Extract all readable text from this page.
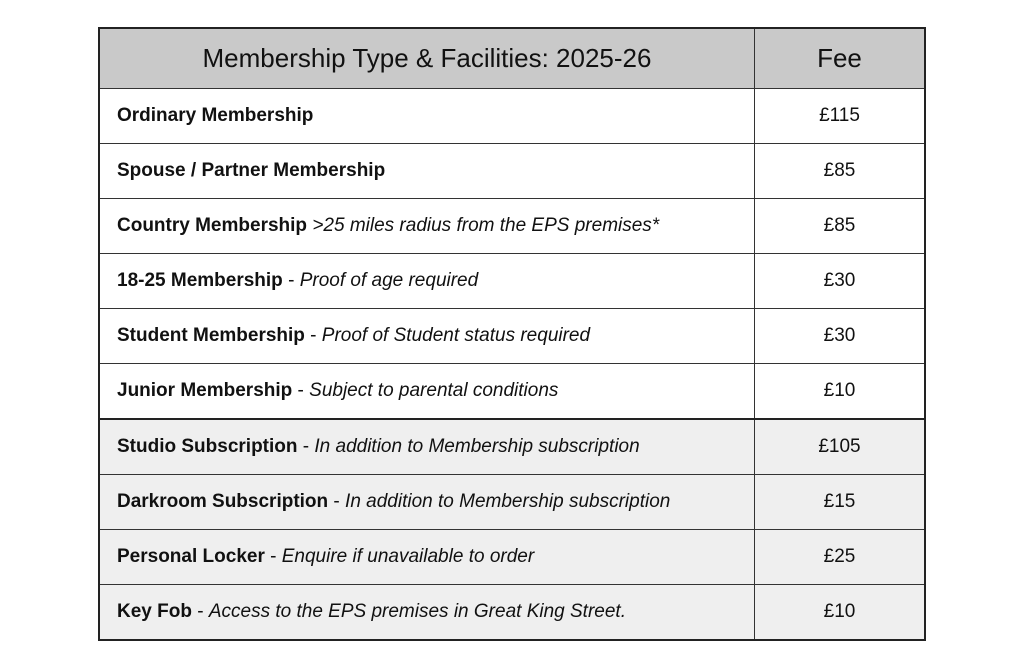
Membership Type & Facilities: 2025-26	Fee
Ordinary Membership	£115
Spouse / Partner Membership	£85
Country Membership >25 miles radius from the EPS premises*	£85
18-25 Membership - Proof of age required	£30
Student Membership - Proof of Student status required	£30
Junior Membership - Subject to parental conditions	£10
Studio Subscription - In addition to Membership subscription	£105
Darkroom Subscription - In addition to Membership subscription	£15
Personal Locker - Enquire if unavailable to order	£25
Key Fob - Access to the EPS premises in Great King Street.	£10
